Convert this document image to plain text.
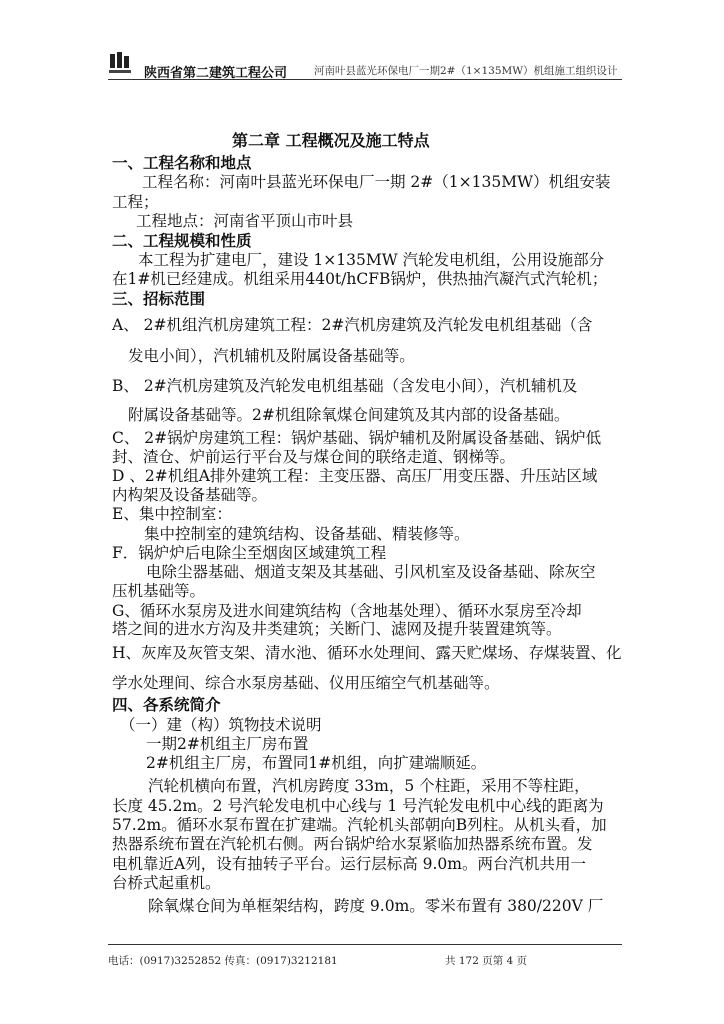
陕西省第二建筑工程公司	河南叶县蓝光环保电厂一期2#（1×135MW）机组施工组织设计
第二章 工程概况及施工特点
一、工程名称和地点
工程名称：河南叶县蓝光环保电厂一期 2#（1×135MW）机组安装
工程；
工程地点：河南省平顶山市叶县
二、工程规模和性质
本工程为扩建电厂，建设 1×135MW 汽轮发电机组，公用设施部分
在1#机已经建成。机组采用440t/hCFB锅炉，供热抽汽凝汽式汽轮机；
三、招标范围
A、 2#机组汽机房建筑工程：2#汽机房建筑及汽轮发电机组基础（含
发电小间），汽机辅机及附属设备基础等。
B、 2#汽机房建筑及汽轮发电机组基础（含发电小间），汽机辅机及
附属设备基础等。2#机组除氧煤仓间建筑及其内部的设备基础。
C、 2#锅炉房建筑工程：锅炉基础、锅炉辅机及附属设备基础、锅炉低
封、渣仓、炉前运行平台及与煤仓间的联络走道、钢梯等。
D 、2#机组A排外建筑工程：主变压器、高压厂用变压器、升压站区域
内构架及设备基础等。
E、集中控制室：
集中控制室的建筑结构、设备基础、精装修等。
F．锅炉炉后电除尘至烟囱区域建筑工程
电除尘器基础、烟道支架及其基础、引风机室及设备基础、除灰空
压机基础等。
G、循环水泵房及进水间建筑结构（含地基处理）、循环水泵房至冷却
塔之间的进水方沟及井类建筑；关断门、滤网及提升装置建筑等。
H、灰库及灰管支架、清水池、循环水处理间、露天贮煤场、存煤装置、化
学水处理间、综合水泵房基础、仪用压缩空气机基础等。
四、各系统简介
（一）建（构）筑物技术说明
一期2#机组主厂房布置
2#机组主厂房，布置同1#机组，向扩建端顺延。
汽轮机横向布置，汽机房跨度 33m，5 个柱距，采用不等柱距，
长度 45.2m。2 号汽轮发电机中心线与 1 号汽轮发电机中心线的距离为
57.2m。循环水泵布置在扩建端。汽轮机头部朝向B列柱。从机头看，加
热器系统布置在汽轮机右侧。两台锅炉给水泵紧临加热器系统布置。发
电机靠近A列，设有抽转子平台。运行层标高 9.0m。两台汽机共用一
台桥式起重机。
除氧煤仓间为单框架结构，跨度 9.0m。零米布置有 380/220V 厂
电话：(0917)3252852 传真：(0917)3212181	共 172 页第 4 页
